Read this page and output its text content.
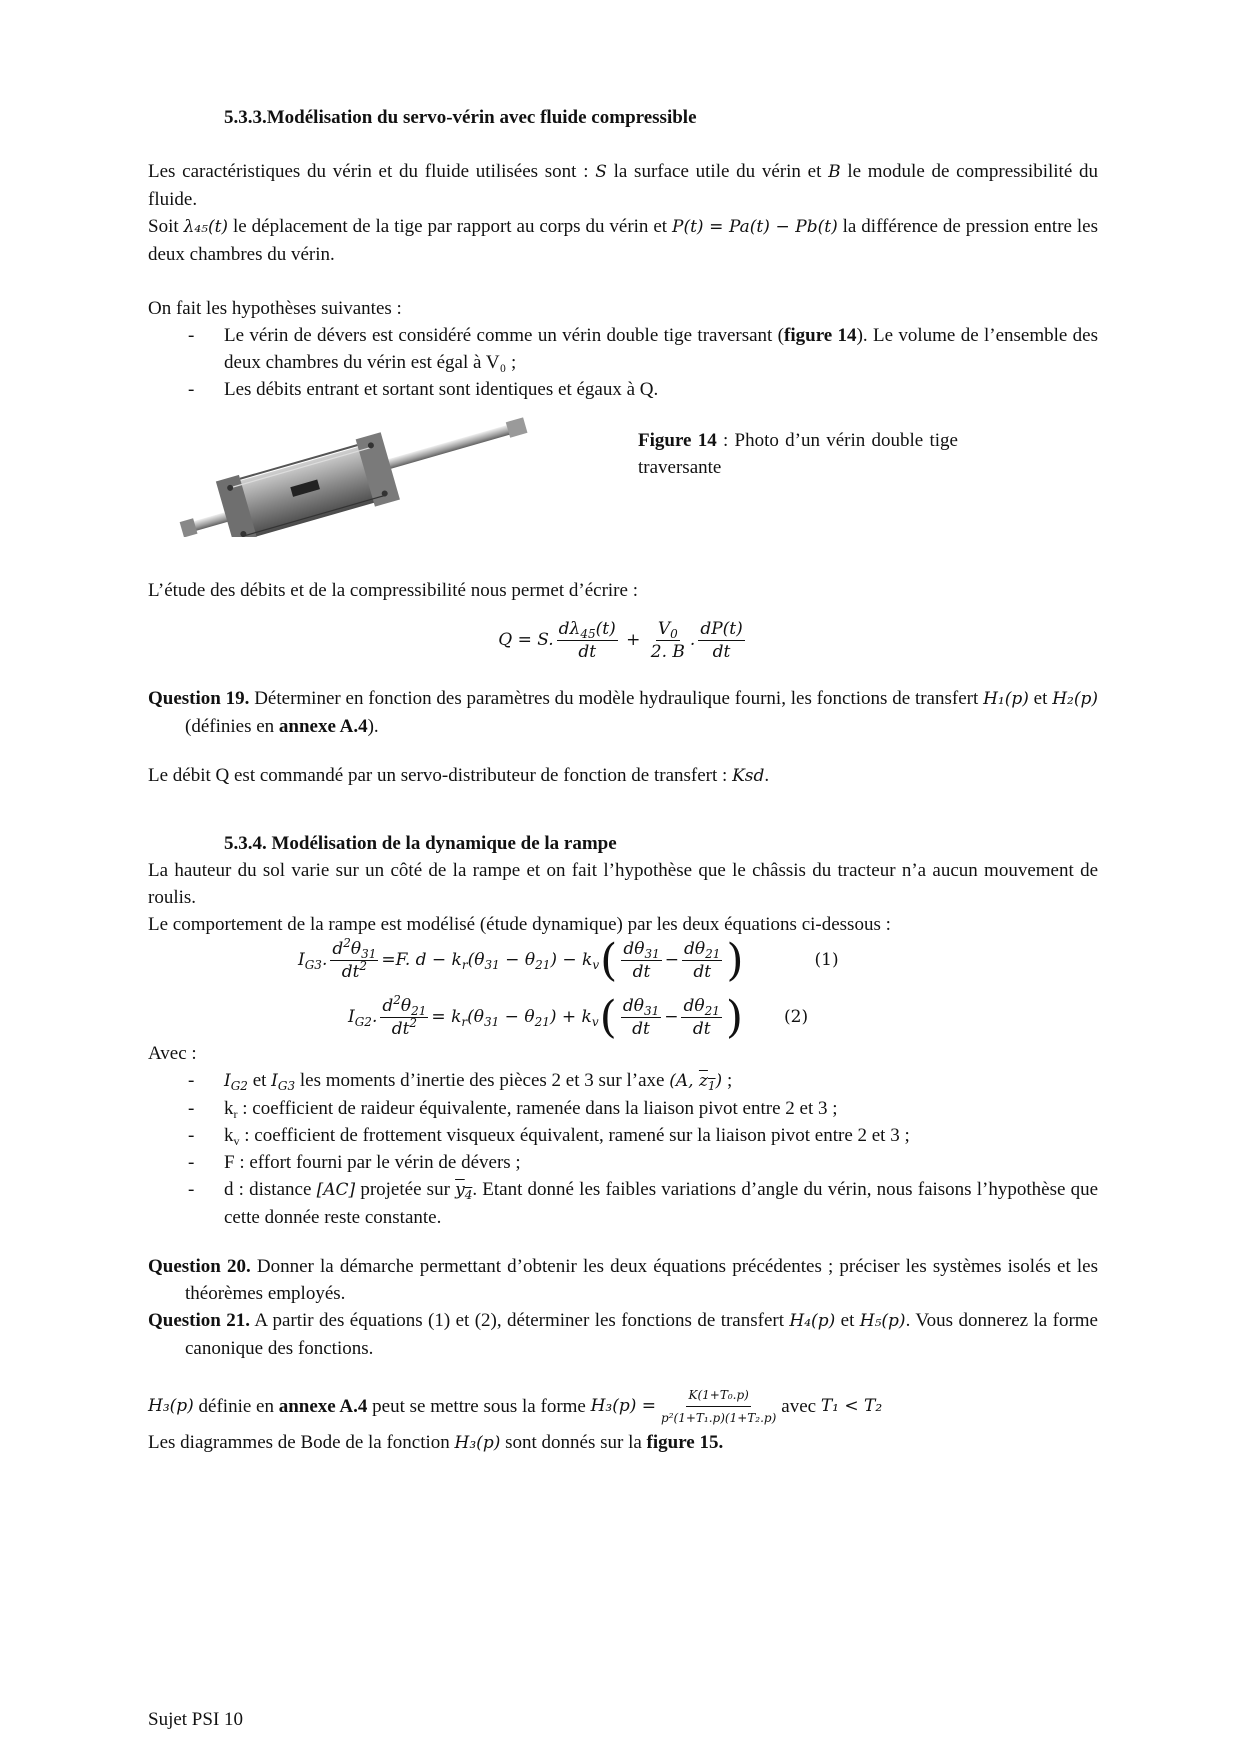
5.3.3.Modélisation du servo-vérin avec fluide compressible

Les caractéristiques du vérin et du fluide utilisées sont : S la surface utile du vérin et B le module de compressibilité du fluide.

Soit λ₄₅(t) le déplacement de la tige par rapport au corps du vérin et P(t) = Pa(t) − Pb(t) la différence de pression entre les deux chambres du vérin.

On fait les hypothèses suivantes :

- Le vérin de dévers est considéré comme un vérin double tige traversant (figure 14). Le volume de l’ensemble des deux chambres du vérin est égal à V₀ ;
- Les débits entrant et sortant sont identiques et égaux à Q.
Figure 14 : Photo d’un vérin double tige traversante

L’étude des débits et de la compressibilité nous permet d’écrire :

Q = S. $\frac{d\lambda_{45}(t)}{dt} + \frac{V_0}{2. B}$ . $\frac{dP(t)}{dt}$

Question 19. Déterminer en fonction des paramètres du modèle hydraulique fourni, les fonctions de transfert H₁(p) et H₂(p) (définies en annexe A.4).

Le débit Q est commandé par un servo-distributeur de fonction de transfert : Ksd.

5.3.4. Modélisation de la dynamique de la rampe

La hauteur du sol varie sur un côté de la rampe et on fait l’hypothèse que le châssis du tracteur n’a aucun mouvement de roulis.

Le comportement de la rampe est modélisé (étude dynamique) par les deux équations ci-dessous :

$I_{G3}$. $\frac{d^2\theta_{31}}{dt^2} = F$. $d - k_r(\theta_{31} - \theta_{21}) - k_v$ ( $\frac{d\theta_{31}}{dt} - \frac{d\theta_{21}}{dt}$ )	(1)
$I_{G2}$. $\frac{d^2\theta_{21}}{dt^2} = k_r(\theta_{31} - \theta_{21}) + k_v$ ( $\frac{d\theta_{31}}{dt} - \frac{d\theta_{21}}{dt}$ ) (2)

Avec :

- $I_{G2}$ et $I_{G3}$ les moments d’inertie des pièces 2 et 3 sur l’axe (A, $z_1$) ;
- $k_r$ : coefficient de raideur équivalente, ramenée dans la liaison pivot entre 2 et 3 ;
- $k_v$ : coefficient de frottement visqueux équivalent, ramené sur la liaison pivot entre 2 et 3 ;
- F : effort fourni par le vérin de dévers ;
- d : distance [AC] projetée sur $y_4$. Etant donné les faibles variations d’angle du vérin, nous faisons l’hypothèse que cette donnée reste constante.

Question 20. Donner la démarche permettant d’obtenir les deux équations précédentes ; préciser les systèmes isolés et les théorèmes employés.

Question 21. A partir des équations (1) et (2), déterminer les fonctions de transfert H₄(p) et H₅(p). Vous donnerez la forme canonique des fonctions.

H₃(p)
définie en
annexe A.4
peut se mettre sous la forme
$H_3(p) = \frac{\text{K(1+T₀.p)}}{\text{p²(1+T₁.p)(1+T₂.p)}}$ avec
T₁ < T₂

Les diagrammes de Bode de la fonction H₃(p) sont donnés sur la figure 15.

Sujet PSI 10
